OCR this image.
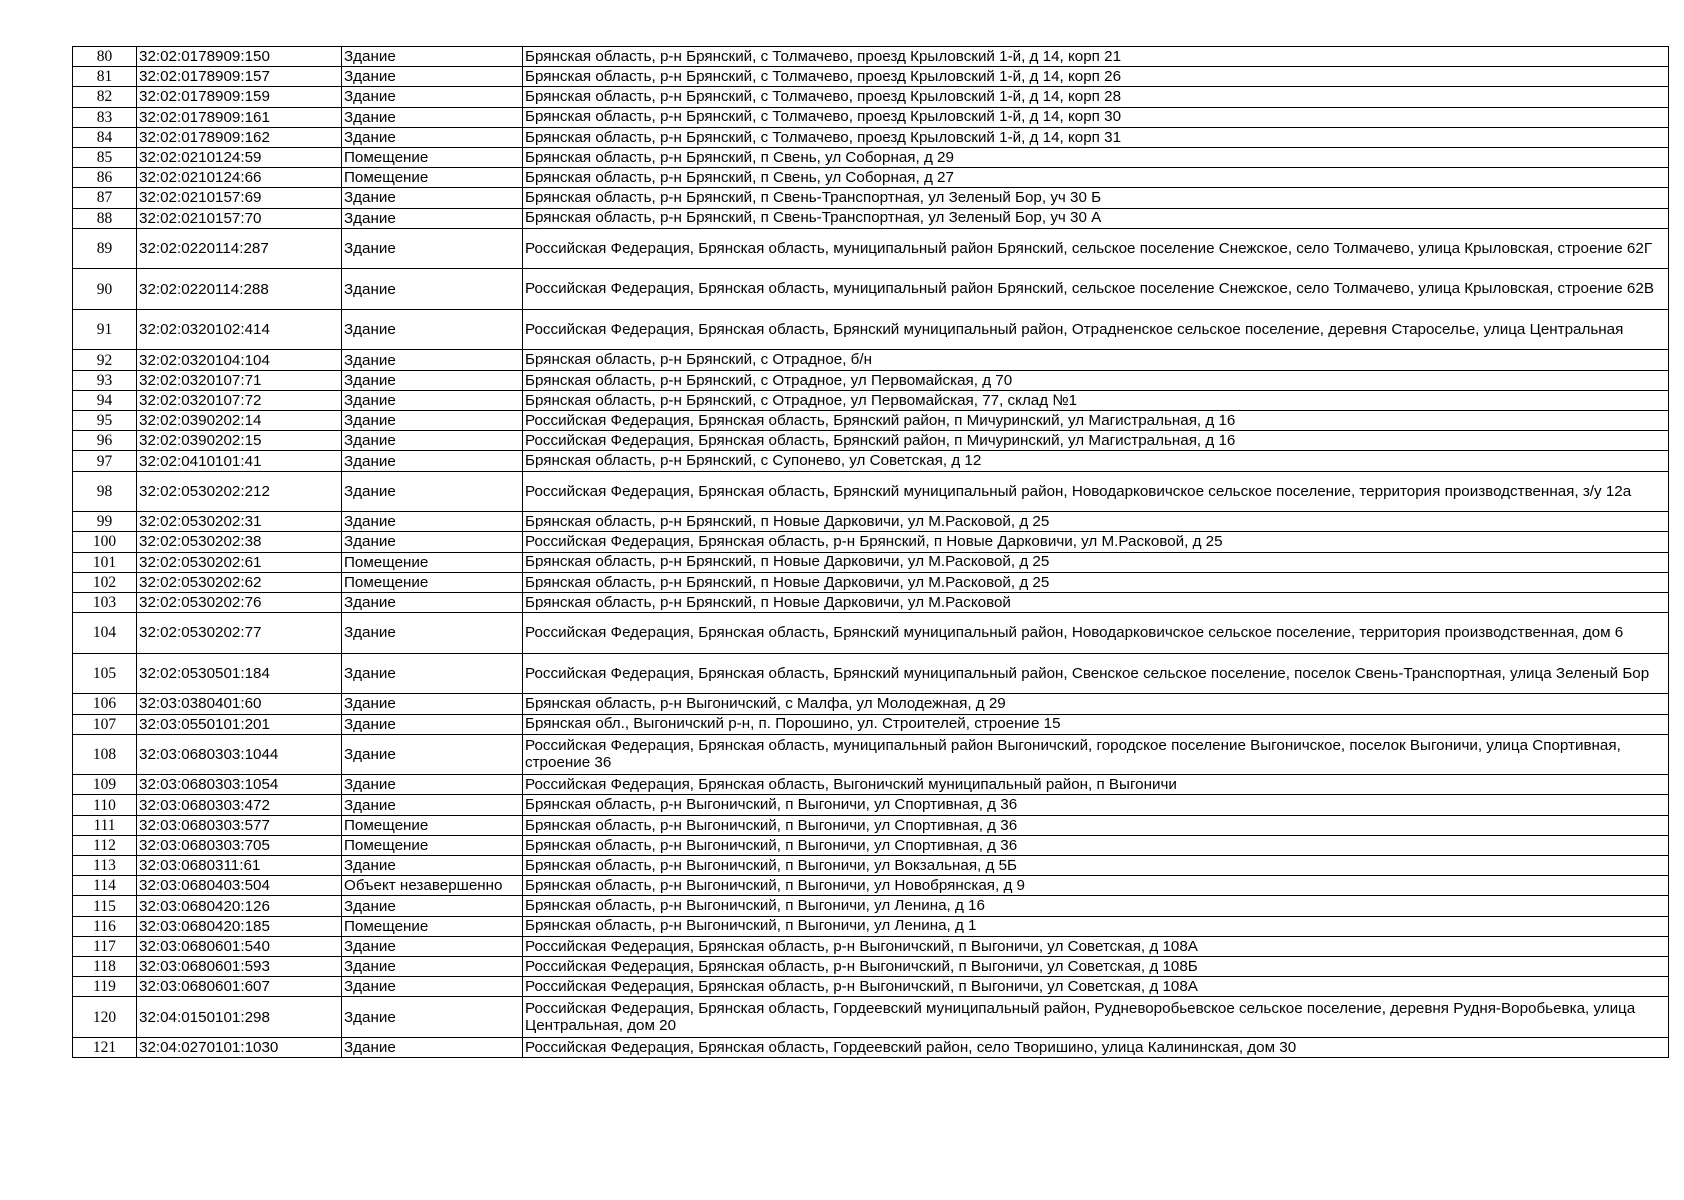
80	32:02:0178909:150	Здание	Брянская область, р-н Брянский, с Толмачево, проезд Крыловский 1-й, д 14, корп 21
81	32:02:0178909:157	Здание	Брянская область, р-н Брянский, с Толмачево, проезд Крыловский 1-й, д 14, корп 26
82	32:02:0178909:159	Здание	Брянская область, р-н Брянский, с Толмачево, проезд Крыловский 1-й, д 14, корп 28
83	32:02:0178909:161	Здание	Брянская область, р-н Брянский, с Толмачево, проезд Крыловский 1-й, д 14, корп 30
84	32:02:0178909:162	Здание	Брянская область, р-н Брянский, с Толмачево, проезд Крыловский 1-й, д 14, корп 31
85	32:02:0210124:59	Помещение	Брянская область, р-н Брянский, п Свень, ул Соборная, д 29
86	32:02:0210124:66	Помещение	Брянская область, р-н Брянский, п Свень, ул Соборная, д 27
87	32:02:0210157:69	Здание	Брянская область, р-н Брянский, п Свень-Транспортная, ул Зеленый Бор, уч 30 Б
88	32:02:0210157:70	Здание	Брянская область, р-н Брянский, п Свень-Транспортная, ул Зеленый Бор, уч 30 А
89	32:02:0220114:287	Здание	Российская Федерация, Брянская область, муниципальный район Брянский, сельское поселение Снежское, село Толмачево, улица Крыловская, строение 62Г
90	32:02:0220114:288	Здание	Российская Федерация, Брянская область, муниципальный район Брянский, сельское поселение Снежское, село Толмачево, улица Крыловская, строение 62В
91	32:02:0320102:414	Здание	Российская Федерация, Брянская область, Брянский муниципальный район, Отрадненское сельское поселение, деревня Староселье, улица Центральная
92	32:02:0320104:104	Здание	Брянская область, р-н Брянский, с Отрадное, б/н
93	32:02:0320107:71	Здание	Брянская область, р-н Брянский, с Отрадное, ул Первомайская, д 70
94	32:02:0320107:72	Здание	Брянская область, р-н Брянский, с Отрадное, ул Первомайская, 77, склад №1
95	32:02:0390202:14	Здание	Российская Федерация, Брянская область, Брянский район, п Мичуринский, ул Магистральная, д 16
96	32:02:0390202:15	Здание	Российская Федерация, Брянская область, Брянский район, п Мичуринский, ул Магистральная, д 16
97	32:02:0410101:41	Здание	Брянская область, р-н Брянский, с Супонево, ул Советская, д 12
98	32:02:0530202:212	Здание	Российская Федерация, Брянская область, Брянский муниципальный район, Новодарковичское сельское поселение, территория производственная, з/у 12а
99	32:02:0530202:31	Здание	Брянская область, р-н Брянский, п Новые Дарковичи, ул М.Расковой, д 25
100	32:02:0530202:38	Здание	Российская Федерация, Брянская область, р-н Брянский, п Новые Дарковичи, ул М.Расковой, д 25
101	32:02:0530202:61	Помещение	Брянская область, р-н Брянский, п Новые Дарковичи, ул М.Расковой, д 25
102	32:02:0530202:62	Помещение	Брянская область, р-н Брянский, п Новые Дарковичи, ул М.Расковой, д 25
103	32:02:0530202:76	Здание	Брянская область, р-н Брянский, п Новые Дарковичи, ул М.Расковой
104	32:02:0530202:77	Здание	Российская Федерация, Брянская область, Брянский муниципальный район, Новодарковичское сельское поселение, территория производственная, дом 6
105	32:02:0530501:184	Здание	Российская Федерация, Брянская область, Брянский муниципальный район, Свенское сельское поселение, поселок Свень-Транспортная, улица Зеленый Бор
106	32:03:0380401:60	Здание	Брянская область, р-н Выгоничский, с Малфа, ул Молодежная, д 29
107	32:03:0550101:201	Здание	Брянская обл., Выгоничский р-н, п. Порошино, ул. Строителей, строение 15
108	32:03:0680303:1044	Здание	Российская Федерация, Брянская область, муниципальный район Выгоничский, городское поселение Выгоничское, поселок Выгоничи, улица Спортивная, строение 36
109	32:03:0680303:1054	Здание	Российская Федерация, Брянская область, Выгоничский муниципальный район, п Выгоничи
110	32:03:0680303:472	Здание	Брянская область, р-н Выгоничский, п Выгоничи, ул Спортивная, д 36
111	32:03:0680303:577	Помещение	Брянская область, р-н Выгоничский, п Выгоничи, ул Спортивная, д 36
112	32:03:0680303:705	Помещение	Брянская область, р-н Выгоничский, п Выгоничи, ул Спортивная, д 36
113	32:03:0680311:61	Здание	Брянская область, р-н Выгоничский, п Выгоничи, ул Вокзальная, д 5Б
114	32:03:0680403:504	Объект незавершенно	Брянская область, р-н Выгоничский, п Выгоничи, ул Новобрянская, д 9
115	32:03:0680420:126	Здание	Брянская область, р-н Выгоничский, п Выгоничи, ул Ленина, д 16
116	32:03:0680420:185	Помещение	Брянская область, р-н Выгоничский, п Выгоничи, ул Ленина, д 1
117	32:03:0680601:540	Здание	Российская Федерация, Брянская область, р-н Выгоничский, п Выгоничи, ул Советская, д 108А
118	32:03:0680601:593	Здание	Российская Федерация, Брянская область, р-н Выгоничский, п Выгоничи, ул Советская, д 108Б
119	32:03:0680601:607	Здание	Российская Федерация, Брянская область, р-н Выгоничский, п Выгоничи, ул Советская, д 108А
120	32:04:0150101:298	Здание	Российская Федерация, Брянская область, Гордеевский муниципальный район, Рудневоробьевское сельское поселение, деревня Рудня-Воробьевка, улица Центральная, дом 20
121	32:04:0270101:1030	Здание	Российская Федерация, Брянская область, Гордеевский район, село Творишино, улица Калининская, дом 30
